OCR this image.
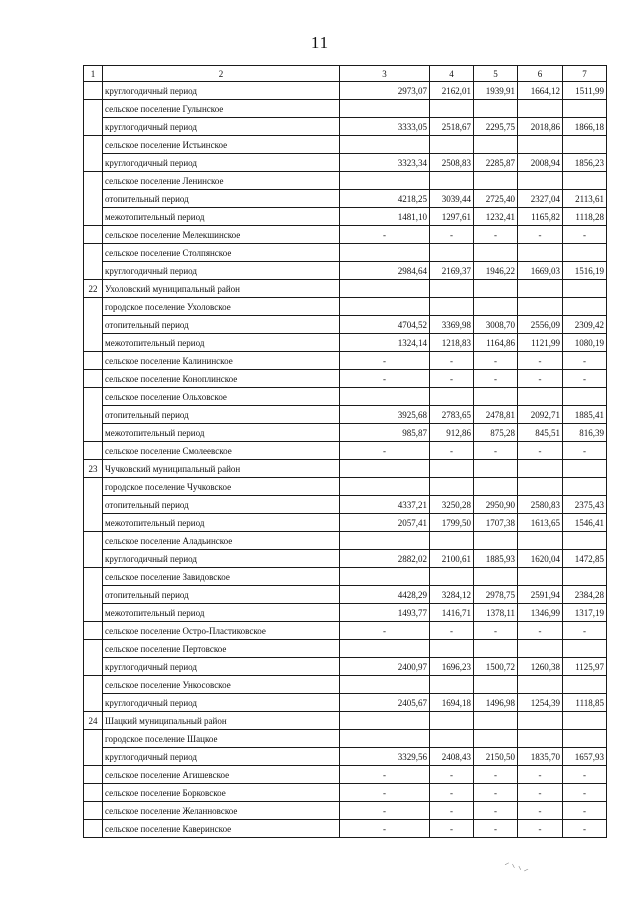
11
1	2	3	4	5	6	7
	круглогодичный период	2973,07	2162,01	1939,91	1664,12	1511,99
	сельское поселение Гулынское					
	круглогодичный период	3333,05	2518,67	2295,75	2018,86	1866,18
	сельское поселение Истьинское					
	круглогодичный период	3323,34	2508,83	2285,87	2008,94	1856,23
	сельское поселение Ленинское					
	отопительный период	4218,25	3039,44	2725,40	2327,04	2113,61
	межотопительный период	1481,10	1297,61	1232,41	1165,82	1118,28
	сельское поселение Мелекшинское	-	-	-	-	-
	сельское поселение Столпянское					
	круглогодичный период	2984,64	2169,37	1946,22	1669,03	1516,19
22	Ухоловский муниципальный район					
	городское поселение Ухоловское					
	отопительный период	4704,52	3369,98	3008,70	2556,09	2309,42
	межотопительный период	1324,14	1218,83	1164,86	1121,99	1080,19
	сельское поселение Калининское	-	-	-	-	-
	сельское поселение Коноплинское	-	-	-	-	-
	сельское поселение Ольховское					
	отопительный период	3925,68	2783,65	2478,81	2092,71	1885,41
	межотопительный период	985,87	912,86	875,28	845,51	816,39
	сельское поселение Смолеевское	-	-	-	-	-
23	Чучковский муниципальный район					
	городское поселение Чучковское					
	отопительный период	4337,21	3250,28	2950,90	2580,83	2375,43
	межотопительный период	2057,41	1799,50	1707,38	1613,65	1546,41
	сельское поселение Аладьинское					
	круглогодичный период	2882,02	2100,61	1885,93	1620,04	1472,85
	сельское поселение Завидовское					
	отопительный период	4428,29	3284,12	2978,75	2591,94	2384,28
	межотопительный период	1493,77	1416,71	1378,11	1346,99	1317,19
	сельское поселение Остро-Пластиковское	-	-	-	-	-
	сельское поселение Пертовское					
	круглогодичный период	2400,97	1696,23	1500,72	1260,38	1125,97
	сельское поселение Ункосовское					
	круглогодичный период	2405,67	1694,18	1496,98	1254,39	1118,85
24	Шацкий муниципальный район					
	городское поселение Шацкое					
	круглогодичный период	3329,56	2408,43	2150,50	1835,70	1657,93
	сельское поселение Агишевское	-	-	-	-	-
	сельское поселение Борковское	-	-	-	-	-
	сельское поселение Желанновское	-	-	-	-	-
	сельское поселение Каверинское	-	-	-	-	-
⸝ ⸜ ⸜ ⸝
